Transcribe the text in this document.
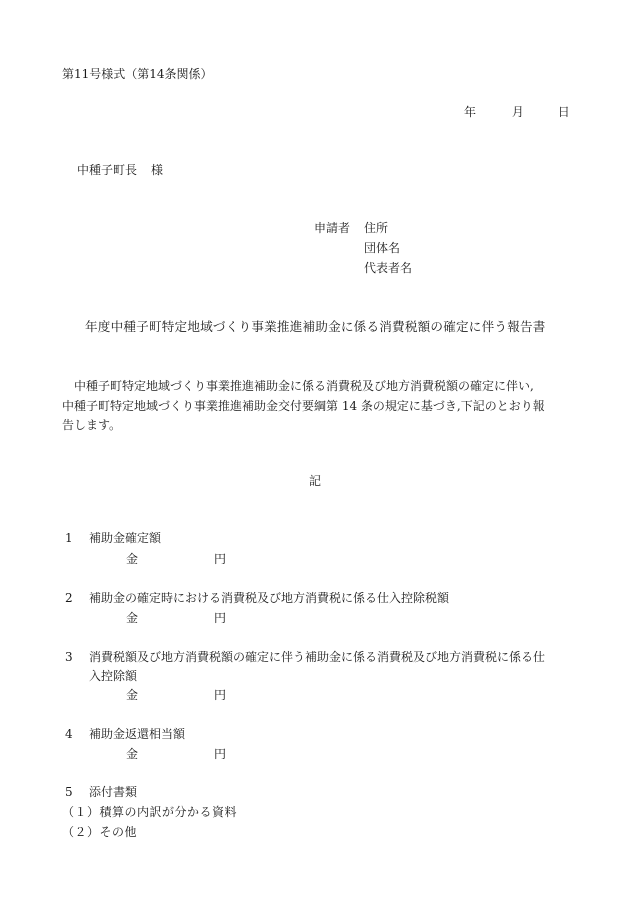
第11号様式（第14条関係）
年	月	日
中種子町長 様
申請者 住所
団体名
代表者名
年度中種子町特定地域づくり事業推進補助金に係る消費税額の確定に伴う報告書
　中種子町特定地域づくり事業推進補助金に係る消費税及び地方消費税額の確定に伴い,
中種子町特定地域づくり事業推進補助金交付要綱第 14 条の規定に基づき,下記のとおり報
告します。
記
1 補助金確定額
金	円
2 補助金の確定時における消費税及び地方消費税に係る仕入控除税額
金	円
3 消費税額及び地方消費税額の確定に伴う補助金に係る消費税及び地方消費税に係る仕
入控除額
金	円
4 補助金返還相当額
金	円
5 添付書類
（１）積算の内訳が分かる資料
（２）その他
